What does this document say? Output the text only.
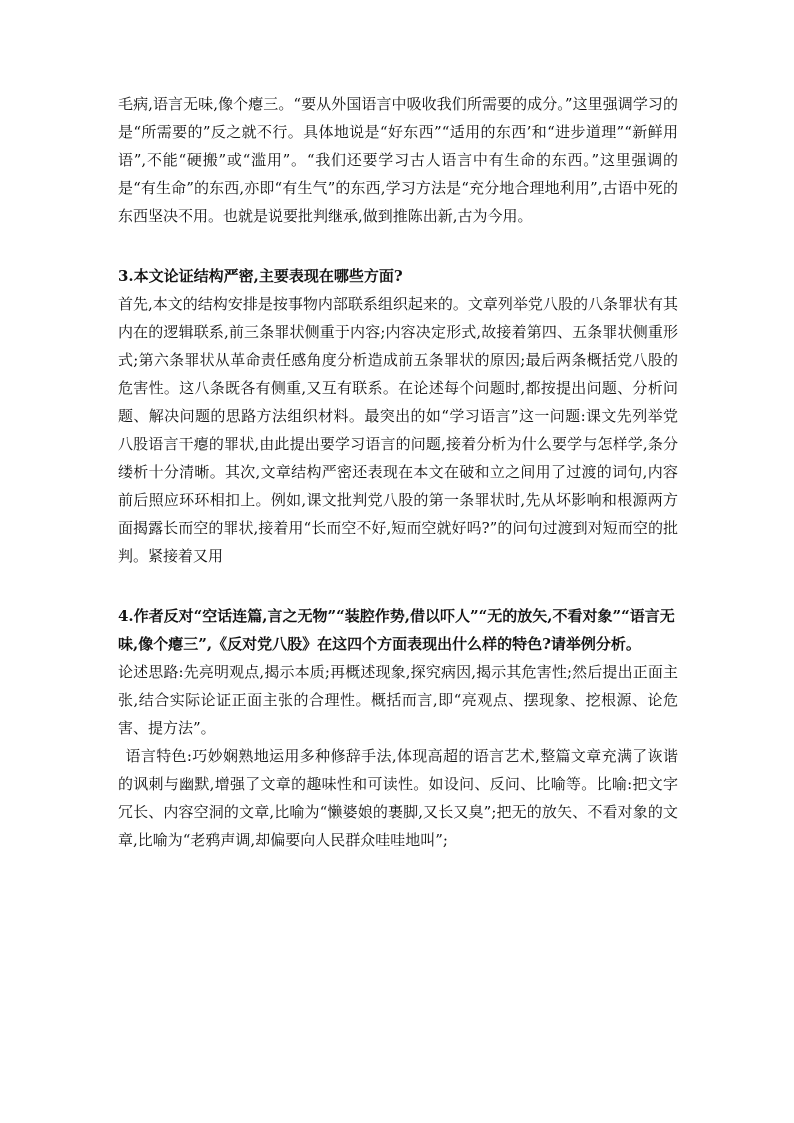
毛病,语言无味,像个瘪三。“要从外国语言中吸收我们所需要的成分。”这里强调学习的是“所需要的”反之就不行。具体地说是“好东西”“适用的东西’和“进步道理”“新鲜用语”,不能“硬搬”或“滥用”。“我们还要学习古人语言中有生命的东西。”这里强调的是“有生命”的东西,亦即“有生气”的东西,学习方法是“充分地合理地利用”,古语中死的东西坚决不用。也就是说要批判继承,做到推陈出新,古为今用。

3.本文论证结构严密,主要表现在哪些方面?

首先,本文的结构安排是按事物内部联系组织起来的。文章列举党八股的八条罪状有其内在的逻辑联系,前三条罪状侧重于内容;内容决定形式,故接着第四、五条罪状侧重形式;第六条罪状从革命责任感角度分析造成前五条罪状的原因;最后两条概括党八股的危害性。这八条既各有侧重,又互有联系。在论述每个问题时,都按提出问题、分析问题、解决问题的思路方法组织材料。最突出的如“学习语言”这一问题:课文先列举党八股语言干瘪的罪状,由此提出要学习语言的问题,接着分析为什么要学与怎样学,条分缕析十分清晰。其次,文章结构严密还表现在本文在破和立之间用了过渡的词句,内容前后照应环环相扣上。例如,课文批判党八股的第一条罪状时,先从坏影响和根源两方面揭露长而空的罪状,接着用“长而空不好,短而空就好吗?”的问句过渡到对短而空的批判。紧接着又用

4.作者反对“空话连篇,言之无物”“装腔作势,借以吓人”“无的放矢,不看对象”“语言无味,像个瘪三”,《反对党八股》在这四个方面表现出什么样的特色?请举例分析。

论述思路:先亮明观点,揭示本质;再概述现象,探究病因,揭示其危害性;然后提出正面主张,结合实际论证正面主张的合理性。概括而言,即“亮观点、摆现象、挖根源、论危害、提方法”。

语言特色:巧妙娴熟地运用多种修辞手法,体现高超的语言艺术,整篇文章充满了诙谐的讽刺与幽默,增强了文章的趣味性和可读性。如设问、反问、比喻等。比喻:把文字冗长、内容空洞的文章,比喻为“懒婆娘的裹脚,又长又臭”;把无的放矢、不看对象的文章,比喻为“老鸦声调,却偏要向人民群众哇哇地叫”;
